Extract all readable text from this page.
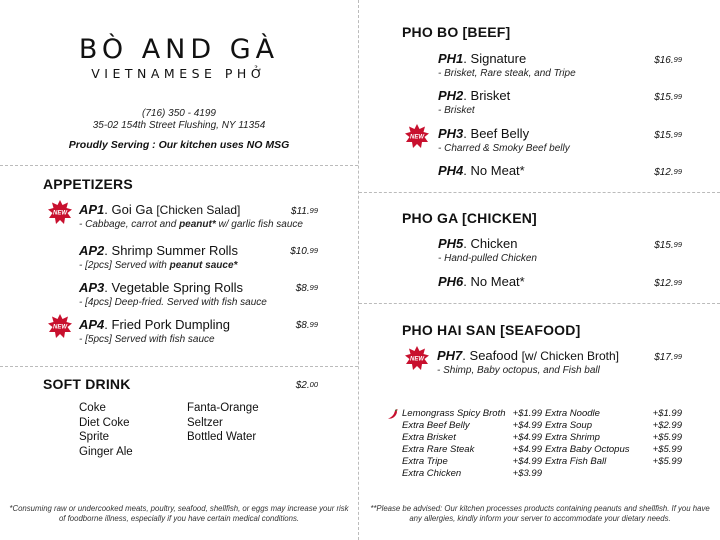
BÒ AND GÀ
VIETNAMESE PHỞ
(716) 350 - 4199
35-02 154th Street Flushing, NY 11354
Proudly Serving : Our kitchen uses NO MSG
APPETIZERS
NEW AP1. Goi Ga [Chicken Salad]
- Cabbage, carrot and peanut* w/ garlic fish sauce
$11.99
AP2. Shrimp Summer Rolls
- [2pcs] Served with peanut sauce*
$10.99
AP3. Vegetable Spring Rolls
- [4pcs] Deep-fried. Served with fish sauce
$8.99
NEW AP4. Fried Pork Dumpling
- [5pcs] Served with fish sauce
$8.99
SOFT DRINK	$2.00
Coke
Diet Coke
Sprite
Ginger Ale
Fanta-Orange
Seltzer
Bottled Water
*Consuming raw or undercooked meats, poultry, seafood, shellfish, or eggs may increase your risk of foodborne illness, especially if you have certain medical conditions.
PHO BO [BEEF]
PH1. Signature
- Brisket, Rare steak, and Tripe
$16.99
PH2. Brisket
- Brisket
$15.99
NEW PH3. Beef Belly
- Charred & Smoky Beef belly
$15.99
PH4. No Meat*	$12.99
PHO GA [CHICKEN]
PH5. Chicken
- Hand-pulled Chicken
$15.99
PH6. No Meat*	$12.99
PHO HAI SAN [SEAFOOD]
NEW PH7. Seafood [w/ Chicken Broth]
- Shimp, Baby octopus, and Fish ball
$17.99
Lemongrass Spicy Broth +$1.99
Extra Beef Belly	+$4.99
Extra Brisket	+$4.99
Extra Rare Steak	+$4.99
Extra Tripe	+$4.99
Extra Chicken	+$3.99
Extra Noodle	+$1.99
Extra Soup	+$2.99
Extra Shrimp	+$5.99
Extra Baby Octopus	+$5.99
Extra Fish Ball	+$5.99
**Please be advised: Our kitchen processes products containing peanuts and shellfish. If you have any allergies, kindly inform your server to accommodate your dietary needs.
